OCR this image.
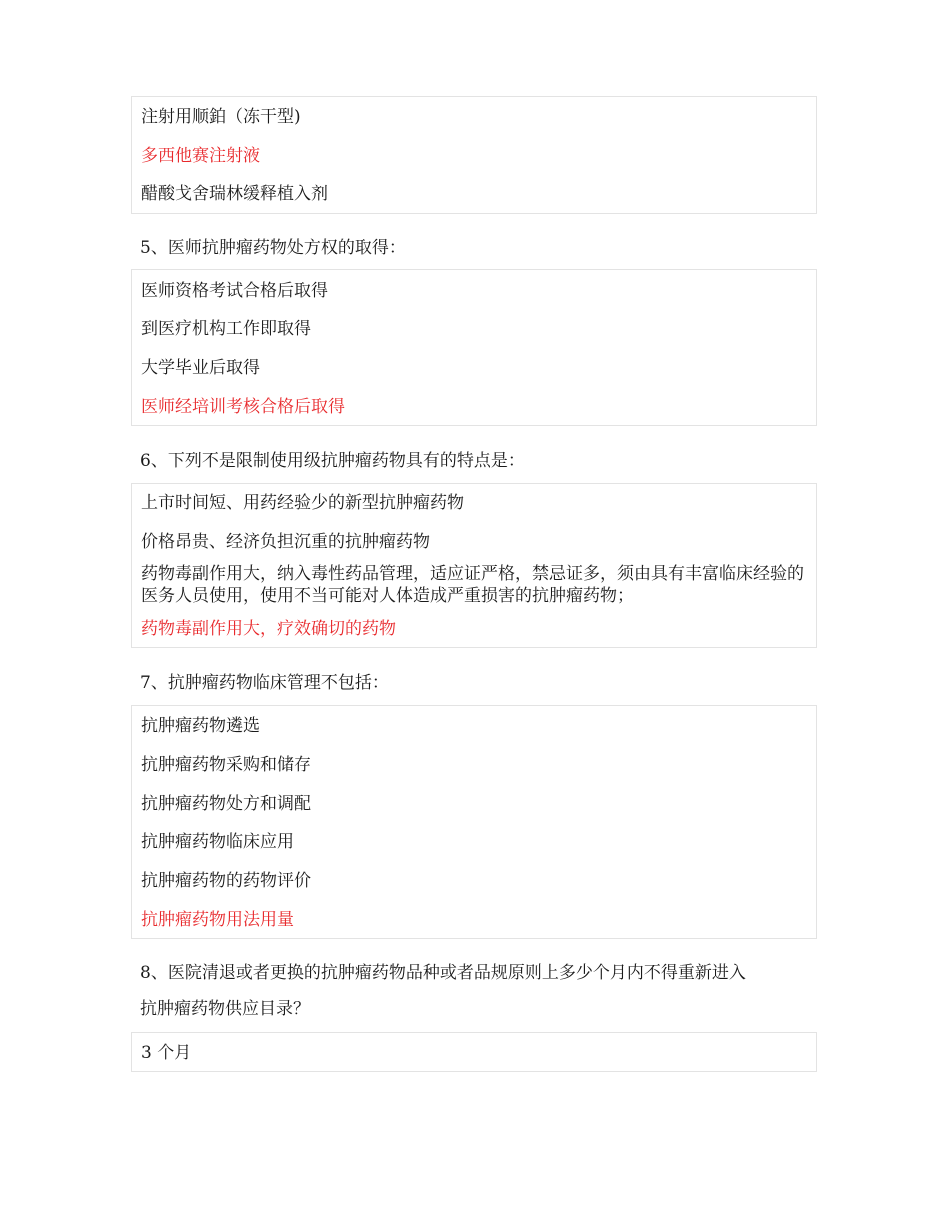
注射用顺鉑（冻干型)
多西他赛注射液
醋酸戈舍瑞林缓释植入剂
5、医师抗肿瘤药物处方权的取得：
医师资格考试合格后取得
到医疗机构工作即取得
大学毕业后取得
医师经培训考核合格后取得
6、下列不是限制使用级抗肿瘤药物具有的特点是：
上市时间短、用药经验少的新型抗肿瘤药物
价格昂贵、经济负担沉重的抗肿瘤药物
药物毒副作用大，纳入毒性药品管理，适应证严格，禁忌证多，须由具有丰富临床经验的医务人员使用，使用不当可能对人体造成严重损害的抗肿瘤药物；
药物毒副作用大，疗效确切的药物
7、抗肿瘤药物临床管理不包括：
抗肿瘤药物遴选
抗肿瘤药物采购和储存
抗肿瘤药物处方和调配
抗肿瘤药物临床应用
抗肿瘤药物的药物评价
抗肿瘤药物用法用量
8、医院清退或者更换的抗肿瘤药物品种或者品规原则上多少个月内不得重新进入
抗肿瘤药物供应目录？
3 个月
